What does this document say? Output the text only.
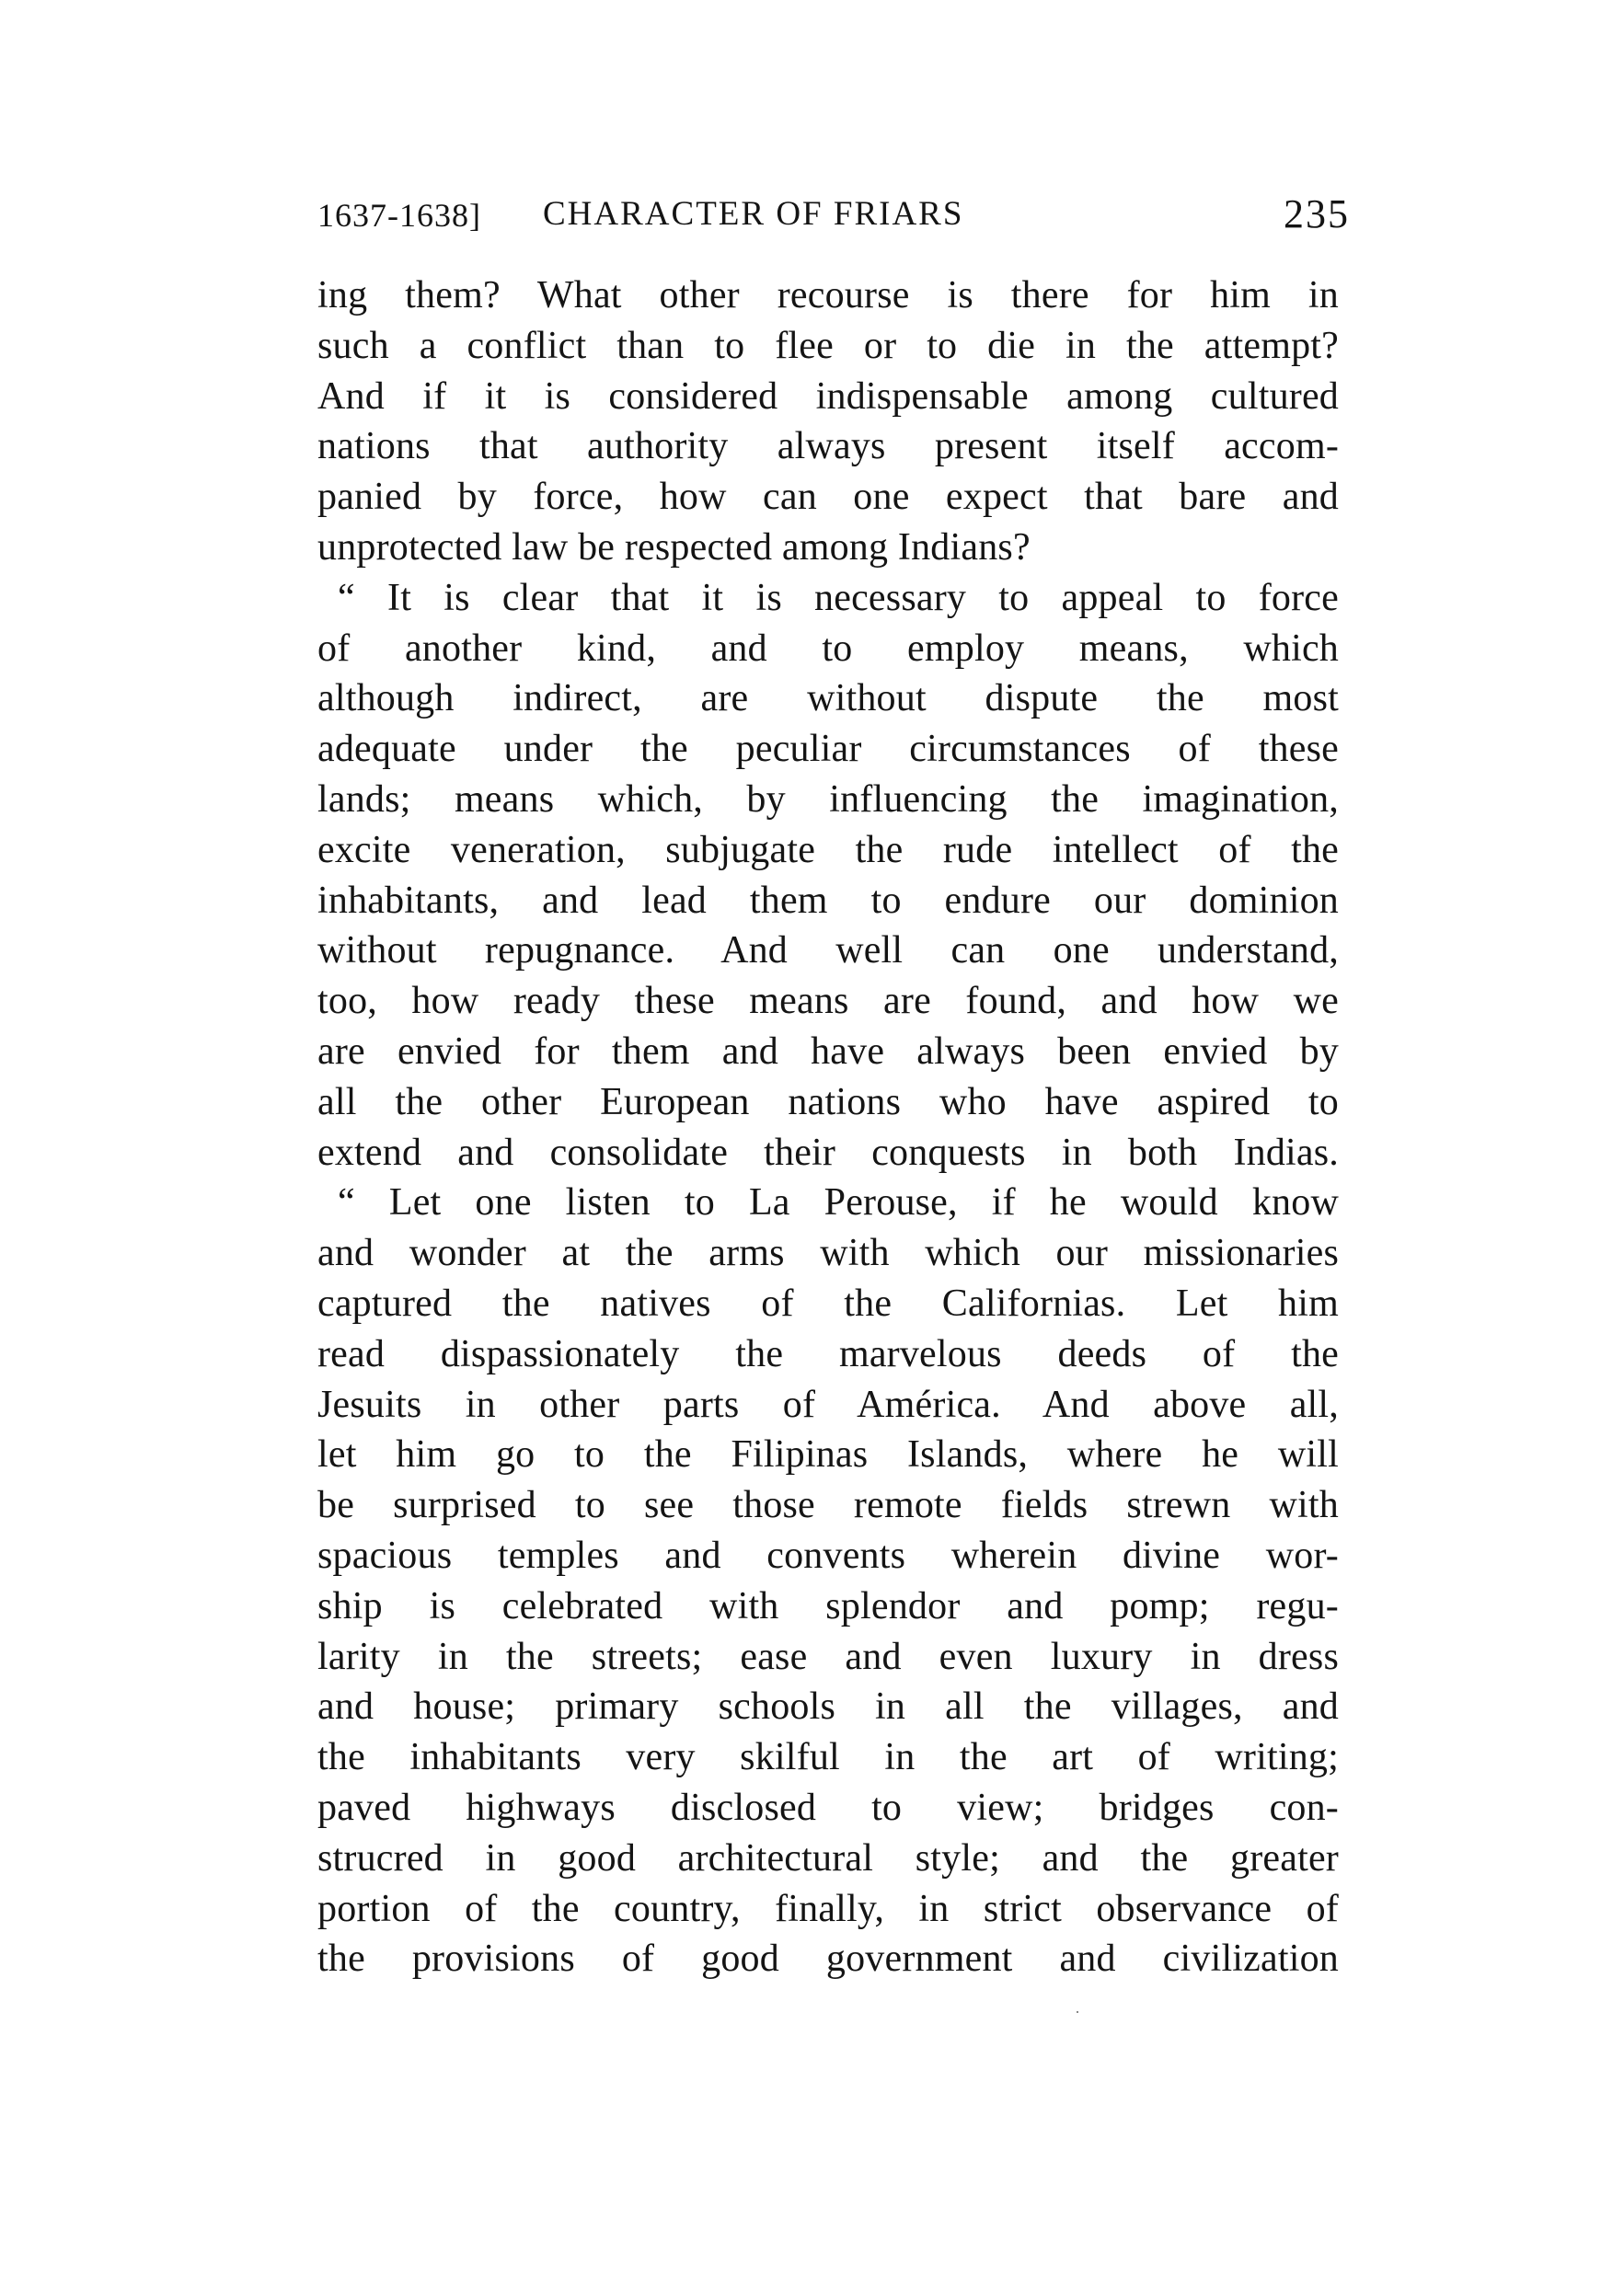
1637-1638] CHARACTER OF FRIARS	235
ing them? What other recourse is there for him in
such a conflict than to flee or to die in the attempt?
And if it is considered indispensable among cultured
nations that authority always present itself accom-
panied by force, how can one expect that bare and
unprotected law be respected among Indians?
“ It is clear that it is necessary to appeal to force
of another kind, and to employ means, which
although indirect, are without dispute the most
adequate under the peculiar circumstances of these
lands; means which, by influencing the imagination,
excite veneration, subjugate the rude intellect of the
inhabitants, and lead them to endure our dominion
without repugnance. And well can one understand,
too, how ready these means are found, and how we
are envied for them and have always been envied by
all the other European nations who have aspired to
extend and consolidate their conquests in both Indias.
“ Let one listen to La Perouse, if he would know
and wonder at the arms with which our missionaries
captured the natives of the Californias. Let him
read dispassionately the marvelous deeds of the
Jesuits in other parts of América. And above all,
let him go to the Filipinas Islands, where he will
be surprised to see those remote fields strewn with
spacious temples and convents wherein divine wor-
ship is celebrated with splendor and pomp; regu-
larity in the streets; ease and even luxury in dress
and house; primary schools in all the villages, and
the inhabitants very skilful in the art of writing;
paved highways disclosed to view; bridges con-
strucred in good architectural style; and the greater
portion of the country, finally, in strict observance of
the provisions of good government and civilization
